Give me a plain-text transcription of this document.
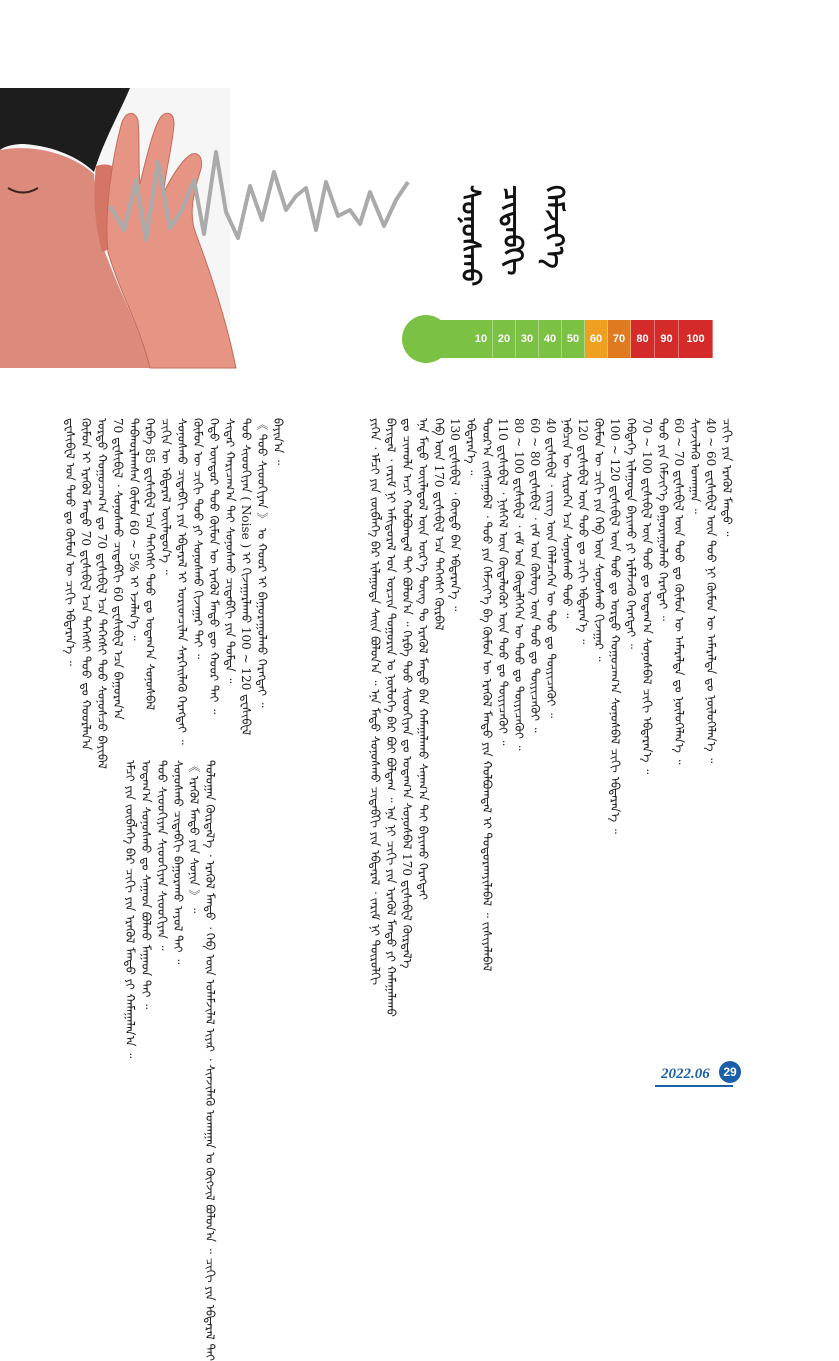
ᠰᠣᠨᠣᠰᠬᠤ ᠴᠢᠳᠠᠪᠬᠢ ᠬᠡᠮᠵᠢᠶ᠎ᠡ
10 20 30 40 50 60 70	80	90	100
ᠳ᠋ᠧᠰᠢᠪᠧᠯ ᠤᠨ ᠳᠤᠤ ᠳᠤ ᠬᠦᠮᠦᠨ ᠦ ᠴᠢᠬᠢ ᠡᠪᠳᠡᠷᠡᠨ᠎ᠡ ᠃ ᠬᠦᠮᠦᠨ ᠢ ᠡᠷᠡᠭᠦᠯ ᠮᠡᠨᠳᠦ 70 ᠳ᠋ᠧᠰᠢᠪᠧᠯ ᠡᠴᠡ ᠳᠡᠭᠡᠭᠰᠢ ᠳᠤᠤ ᠳᠤ ᠬᠣᠣᠷᠯᠠᠨ᠎ᠠ ᠤᠷᠲᠤ ᠬᠤᠭᠤᠴᠠᠭ᠎ᠠ ᠳᠤ 70 ᠳ᠋ᠧᠰᠢᠪᠧᠯ ᠡᠴᠡ ᠳᠡᠭᠡᠭᠰᠢ ᠳᠤᠤ ᠰᠣᠨᠣᠰᠴᠤ ᠪᠠᠶᠢᠪᠠᠯ 70 ᠳ᠋ᠧᠰᠢᠪᠧᠯ ᠂ ᠰᠣᠨᠣᠰᠬᠤ ᠴᠢᠳᠠᠪᠬᠢ 60 ᠳ᠋ᠧᠰᠢᠪᠧᠯ ᠡᠴᠡ ᠪᠠᠭᠤᠷᠠᠨ᠎ᠠ ᠳᠠᠪᠬᠤᠷᠯᠠᠭᠰᠠᠨ ᠬᠦᠮᠦᠨ 60 ~ 5% ᠢ ᠡᠵᠡᠯᠡᠨ᠎ᠡ ᠃ ᠬᠡᠷᠪᠡ 85 ᠳ᠋ᠧᠰᠢᠪᠧᠯ ᠡᠴᠡ ᠳᠡᠭᠡᠭᠰᠢ ᠳᠤᠤ ᠳᠤ ᠤᠳᠠᠭ᠎ᠠ ᠰᠣᠨᠣᠰᠪᠠᠯ ᠴᠢᠬᠢᠨ ᠦ ᠡᠪᠳᠡᠷᠡᠯ ᠦᠢᠯᠡᠳᠦᠨ᠎ᠡ ᠃ ᠰᠣᠨᠣᠰᠬᠤ ᠴᠢᠳᠠᠪᠬᠢ ᠶᠢᠨ ᠡᠪᠳᠡᠷᠡᠯ ᠢ ᠤᠷᠢᠳᠴᠢᠯᠠᠨ ᠰᠡᠷᠭᠡᠢᠯᠡᠬᠦ ᠬᠡᠷᠡᠭᠲᠡᠢ ᠃ ᠬᠦᠮᠦᠨ ᠦ ᠴᠢᠬᠢ ᠳᠤᠤ ᠶᠢ ᠰᠣᠨᠣᠰᠬᠤ ᠬᠢᠵᠠᠭᠠᠷ ᠲᠠᠢ ᠃ ᠬᠡᠲᠦ ᠥᠨᠳᠥᠷ ᠳᠤᠤ ᠬᠦᠮᠦᠨ ᠦ ᠡᠷᠡᠭᠦᠯ ᠮᠡᠨᠳᠦ ᠳᠦ ᠬᠣᠣᠷ ᠲᠠᠢ ᠃ ᠰᠢᠳᠠᠷ ᠬᠠᠷᠢᠴᠠᠭ᠎ᠠ ᠲᠠᠢ ᠰᠣᠨᠣᠰᠬᠤ ᠴᠢᠳᠠᠪᠬᠢ ᠶᠢᠨ ᠳᠤᠮᠳᠠ ᠃ ᠳᠤᠤ ᠰᠢᠤᠤᠭᠢᠶᠠᠨ ( Noise ) ᠢ ᠬᠢᠵᠠᠭᠠᠷᠯᠠᠬᠤ 100 ~ 120 ᠳ᠋ᠧᠰᠢᠪᠧᠯ 《 ᠳᠤᠤ ᠰᠢᠤᠤᠭᠢᠶᠠᠨ 》 ᠤ ᠬᠣᠣᠷ ᠢ ᠪᠠᠭᠤᠷᠠᠭᠤᠯᠬᠤ ᠬᠡᠷᠡᠭᠲᠡᠢ ᠃ ᠪᠠᠶᠢᠨ᠎ᠠ ᠃
ᠡᠮᠴᠢ ᠶᠢᠨ ᠵᠥᠪᠯᠡᠭᠡ ᠪᠡᠷ ᠴᠢᠬᠢ ᠶᠢᠨ ᠡᠷᠡᠭᠦᠯ ᠮᠡᠨᠳᠦ ᠶᠢ ᠬᠠᠮᠠᠭᠠᠯᠠᠨ᠎ᠠ ᠃ ᠤᠳᠠᠭ᠎ᠠ ᠰᠣᠨᠣᠰᠬᠤ ᠳᠤ ᠰᠠᠭᠠᠳ ᠪᠣᠯᠬᠤ ᠮᠠᠭᠠᠳ ᠲᠠᠢ ᠃ ᠳᠤᠤ ᠰᠢᠤᠤᠭᠢᠶᠠᠨ ᠰᠢᠤᠤᠭᠢᠶᠠᠨ ᠰᠢᠤᠤᠭᠢᠶᠠᠨ ᠃ ᠰᠣᠨᠣᠰᠬᠤ ᠴᠢᠳᠠᠪᠬᠢ ᠪᠠᠭᠤᠷᠠᠬᠤ ᠠᠶᠤᠯ ᠲᠠᠢ ᠃ 《 ᠡᠷᠡᠭᠦᠯ ᠮᠡᠨᠳᠦ ᠶᠢᠨ ᠰᠣᠨᠢᠨ 》 ᠃ ᠳᠣᠯᠣᠭᠠᠨ ᠬᠦᠷᠲᠡᠯ᠎ᠡ ᠂ ᠡᠷᠡᠭᠦᠯ ᠮᠡᠨᠳᠦ ᠂ ᠬᠡᠪ ᠦᠨ ᠤᠯᠠᠮᠵᠢᠯᠠᠯ ᠢᠶᠡᠷ ᠂ ᠰᠢᠨᠵᠢᠯᠡᠬᠦ ᠤᠬᠠᠭᠠᠨ ᠤ ᠬᠥᠭᠵᠢᠯ ᠪᠤᠯᠤᠨ᠎ᠠ ᠃ ᠴᠢᠬᠢ ᠶᠢᠨ ᠡᠪᠳᠡᠷᠡᠯ ᠲᠠᠢ
ᠶᠢᠭᠡᠨ ᠂ ᠡᠮᠴᠢ ᠶᠢᠨ ᠵᠥᠪᠯᠡᠭᠡ ᠪᠡᠷ ᠢᠯᠠᠭᠤᠳᠠ ᠰᠠᠢᠨ ᠪᠣᠯᠤᠨ᠎ᠠ ᠃ ᠡᠨᠡ ᠮᠡᠲᠦ ᠰᠣᠨᠣᠰᠬᠤ ᠴᠢᠳᠠᠪᠬᠢ ᠶᠢᠨ ᠡᠪᠳᠡᠷᠡᠯ ᠂ ᠵᠠᠷᠢᠮ ᠨᠢ ᠲᠥᠷᠥᠯᠬᠢ ᠪᠠᠶᠢᠳᠠᠯ ᠂ ᠵᠠᠷᠢᠮ ᠨᠢ ᠠᠮᠢᠳᠤᠷᠠᠯ ᠤᠨ ᠤᠷᠴᠢᠨ ᠲᠣᠭᠣᠷᠢᠨ ᠤ ᠨᠥᠯᠥᠭᠡ ᠪᠠᠷ ᠪᠣᠢ ᠪᠣᠯᠳᠠᠭ ᠃ ᠡᠨᠡ ᠨᠢ ᠴᠢᠬᠢ ᠶᠢᠨ ᠡᠷᠡᠭᠦᠯ ᠮᠡᠨᠳᠦ ᠶᠢ ᠬᠠᠮᠠᠭᠠᠯᠠᠬᠤ ᠳᠤ ᠴᠢᠬᠤᠯᠠ ᠠᠴᠢ ᠬᠣᠯᠪᠣᠭᠳᠠᠯ ᠲᠠᠢ ᠪᠣᠯᠤᠨ᠎ᠠ ᠃ ᠬᠡᠷᠪᠡ ᠳᠤᠤ ᠰᠢᠤᠤᠭᠢᠶᠠᠨ ᠳᠤ ᠤᠳᠠᠭ᠎ᠠ ᠰᠣᠨᠣᠰᠪᠠᠯ 170 ᠳ᠋ᠧᠰᠢᠪᠧᠯ ᠬᠦᠷᠲᠡᠯ᠎ᠡ ᠡᠨᠡ ᠮᠡᠲᠦ ᠦᠢᠯᠡᠳᠦᠯ ᠦᠨ ᠦᠷ᠎ᠡ ᠳᠦᠩ ᠲᠤ ᠡᠷᠡᠭᠦᠯ ᠮᠡᠨᠳᠦ ᠪᠠᠨ ᠬᠠᠮᠠᠭᠠᠯᠠᠬᠤ ᠰᠠᠨᠠᠭ᠎ᠠ ᠲᠠᠢ ᠪᠠᠶᠢᠬᠤ ᠬᠡᠷᠡᠭᠲᠡᠢ ᠬᠡᠪ ᠦᠨ 170 ᠳ᠋ᠧᠰᠢᠪᠧᠯ ᠡᠴᠡ ᠳᠡᠭᠡᠭᠰᠢ ᠬᠦᠷᠪᠡᠯ 130 ᠳ᠋ᠧᠰᠢᠪᠧᠯ ᠂ ᠬᠦᠨᠳᠦ ᠪᠠᠨ ᠡᠪᠳᠡᠷᠡᠨ᠎ᠡ ᠃ ᠡᠪᠳᠡᠷᠡᠨ᠎ᠡ ᠃ ᠳᠣᠣᠷ᠎ᠠ ᠵᠢᠭ᠌ᠰᠠᠭᠠᠪᠠᠯ ᠂ ᠳᠤᠤ ᠶᠢᠨ ᠬᠡᠮᠵᠢᠶ᠎ᠡ ᠪᠠ ᠬᠦᠮᠦᠨ ᠦ ᠡᠷᠡᠭᠦᠯ ᠮᠡᠨᠳᠦ ᠶᠢᠨ ᠬᠣᠯᠪᠣᠭᠳᠠᠯ ᠢ ᠲᠣᠳᠤᠷᠬᠠᠶᠢᠯᠠᠪᠠᠯ ᠃ ᠵᠢᠱᠢᠶᠡᠯᠡᠪᠡᠯ 110 ᠳ᠋ᠧᠰᠢᠪᠧᠯ ᠂ ᠨᠢᠰᠬᠡᠯ ᠦᠨ ᠬᠦᠳᠡᠯᠦᠭᠦᠷ ᠦᠨ ᠳᠤᠤ ᠳᠤ ᠳᠦᠶᠢᠴᠡᠬᠦᠢ ᠃ 80 ~ 100 ᠳ᠋ᠧᠰᠢᠪᠧᠯ ᠂ ᠵᠠᠮ ᠤᠨ ᠬᠥᠳᠡᠯᠭᠡᠭᠡᠨ ᠦ ᠳᠤᠤ ᠳᠤ ᠳᠦᠶᠢᠴᠡᠬᠦᠢ ᠃ 60 ~ 80 ᠳ᠋ᠧᠰᠢᠪᠧᠯ ᠂ ᠵᠠᠮ ᠤᠨ ᠬᠦᠯᠦᠭ ᠦᠨ ᠳᠤᠤ ᠳᠤ ᠳᠦᠶᠢᠴᠡᠬᠦᠢ ᠃ 40 ᠳ᠋ᠧᠰᠢᠪᠧᠯ ᠂ ᠵᠢᠷᠢᠭ ᠦᠨ ᠬᠡᠯᠡᠯᠴᠡᠭᠡᠨ ᠦ ᠳᠤᠤ ᠳᠤ ᠳᠦᠶᠢᠴᠡᠬᠦᠢ ᠃ ᠨᠠᠪᠴᠢᠨ ᠦ ᠰᠢᠷᠦᠭᠡᠨ ᠡᠴᠡ ᠰᠣᠨᠣᠰᠬᠤ ᠳᠤᠤ ᠃ 120 ᠳ᠋ᠧᠰᠢᠪᠧᠯ ᠦᠨ ᠳᠤᠤ ᠳᠤ ᠴᠢᠬᠢ ᠡᠪᠳᠡᠷᠡᠨ᠎ᠡ ᠃ ᠬᠦᠮᠦᠨ ᠦ ᠴᠢᠬᠢ ᠶᠢᠨ ᠬᠡᠪ ᠦᠨ ᠰᠣᠨᠣᠰᠬᠤ ᠬᠢᠵᠠᠭᠠᠷ ᠃ 100 ~ 120 ᠳ᠋ᠧᠰᠢᠪᠧᠯ ᠦᠨ ᠳᠤᠤ ᠳᠤ ᠤᠷᠲᠤ ᠬᠤᠭᠤᠴᠠᠭ᠎ᠠ ᠰᠣᠨᠣᠰᠪᠠᠯ ᠴᠢᠬᠢ ᠡᠪᠳᠡᠷᠡᠨ᠎ᠡ ᠃ ᠬᠡᠪᠲᠡᠭᠡ ᠢᠯᠠᠭᠤᠳᠠ ᠪᠠᠶᠢᠬᠤ ᠶᠢ ᠡᠷᠮᠡᠯᠵᠡᠬᠦ ᠬᠡᠷᠡᠭᠲᠡᠢ ᠃ 70 ~ 100 ᠳ᠋ᠧᠰᠢᠪᠧᠯ ᠦᠨ ᠳᠤᠤ ᠳᠤ ᠤᠳᠠᠭ᠎ᠠ ᠰᠣᠨᠣᠰᠪᠠᠯ ᠴᠢᠬᠢ ᠡᠪᠳᠡᠷᠡᠨ᠎ᠡ ᠃ ᠳᠤᠤ ᠶᠢᠨ ᠬᠡᠮᠵᠢᠶ᠎ᠡ ᠪᠠᠭᠤᠷᠠᠭᠤᠯᠬᠤ ᠬᠡᠷᠡᠭᠲᠡᠢ ᠃ 60 ~ 70 ᠳ᠋ᠧᠰᠢᠪᠧᠯ ᠦᠨ ᠳᠤᠤ ᠳᠤ ᠬᠦᠮᠦᠨ ᠦ ᠠᠮᠠᠷᠠᠯᠲᠠ ᠳᠤ ᠨᠥᠯᠥᠭᠡᠯᠡᠨ᠎ᠡ ᠃ ᠰᠢᠨᠵᠢᠯᠡᠬᠦ ᠤᠬᠠᠭᠠᠨ ᠃ 40 ~ 60 ᠳ᠋ᠧᠰᠢᠪᠧᠯ ᠦᠨ ᠳᠤᠤ ᠨᠢ ᠬᠦᠮᠦᠨ ᠦ ᠠᠮᠠᠷᠠᠯᠲᠠ ᠳᠤ ᠨᠥᠯᠥᠭᠡᠯᠡᠨ᠎ᠡ ᠃ ᠴᠢᠬᠢ ᠶᠢᠨ ᠡᠷᠡᠭᠦᠯ ᠮᠡᠨᠳᠦ ᠃
2022.06	29
